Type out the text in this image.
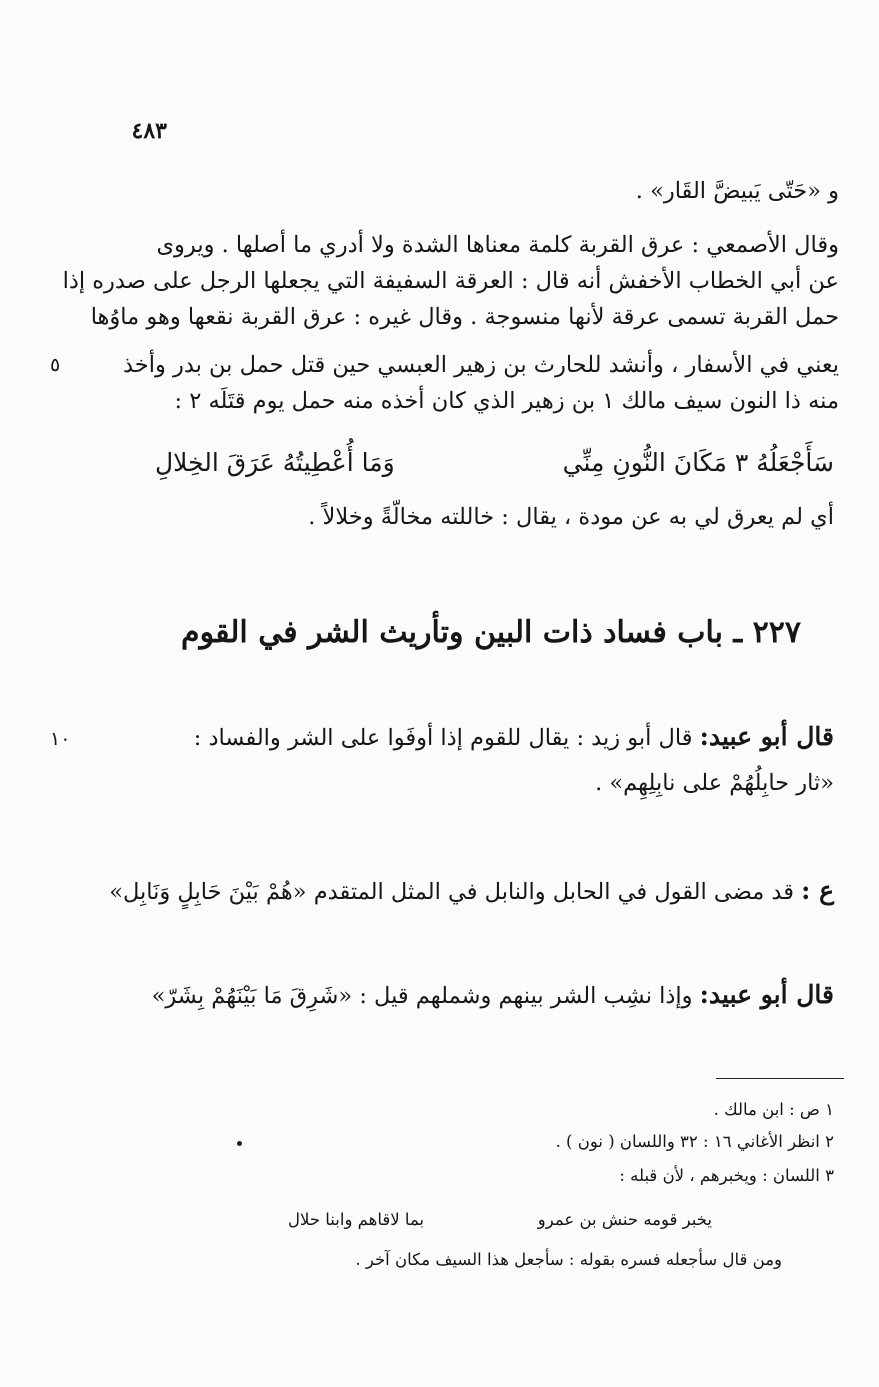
٤٨٣
و «حَتّى يَبيضَّ القَار» .
وقال الأصمعي : عرق القربة كلمة معناها الشدة ولا أدري ما أصلها . ويروى
عن أبي الخطاب الأخفش أنه قال : العرقة السفيفة التي يجعلها الرجل على صدره إذا
حمل القربة تسمى عرقة لأنها منسوجة . وقال غيره : عرق القربة نقعها وهو ماوُها
يعني في الأسفار ، وأنشد للحارث بن زهير العبسي حين قتل حمل بن بدر وأخذ
منه ذا النون سيف مالك ١ بن زهير الذي كان أخذه منه حمل يوم قتَلَه ٢ :
٥
١٠
سَأَجْعَلُهُ ٣ مَكَانَ النُّونِ مِنِّي
وَمَا أُعْطِيتُهُ عَرَقَ الخِلالِ
أي لم يعرق لي به عن مودة ، يقال : خاللته مخالّةً وخلالاً .
٢٢٧ ـ باب فساد ذات البين وتأريث الشر في القوم
قال أبو عبيد: قال أبو زيد : يقال للقوم إذا أوفَوا على الشر والفساد :
«ثار حابِلُهُمْ على نابِلِهِم» .
ع : قد مضى القول في الحابل والنابل في المثل المتقدم «هُمْ بَيْنَ حَابِلٍ وَنَابِل»
قال أبو عبيد: وإذا نشِب الشر بينهم وشملهم قيل : «شَرِقَ مَا بَيْنَهُمْ بِشَرّ»
١ ص : ابن مالك .
٢ انظر الأغاني ١٦ : ٣٢ واللسان ( نون ) .
٣ اللسان : ويخبرهم ، لأن قبله :
يخبر قومه حنش بن عمرو
بما لاقاهم وابنا حلال
ومن قال سأجعله فسره بقوله : سأجعل هذا السيف مكان آخر .
